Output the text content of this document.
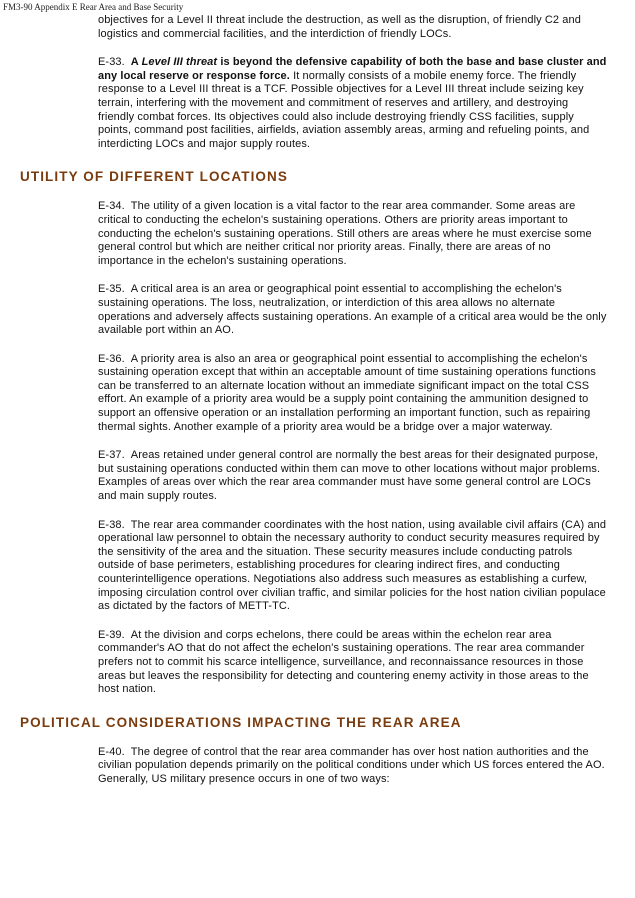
FM3-90 Appendix E Rear Area and Base Security

objectives for a Level II threat include the destruction, as well as the disruption, of friendly C2 and logistics and commercial facilities, and the interdiction of friendly LOCs.

E-33. A Level III threat is beyond the defensive capability of both the base and base cluster and any local reserve or response force. It normally consists of a mobile enemy force. The friendly response to a Level III threat is a TCF. Possible objectives for a Level III threat include seizing key terrain, interfering with the movement and commitment of reserves and artillery, and destroying friendly combat forces. Its objectives could also include destroying friendly CSS facilities, supply points, command post facilities, airfields, aviation assembly areas, arming and refueling points, and interdicting LOCs and major supply routes.

UTILITY OF DIFFERENT LOCATIONS

E-34. The utility of a given location is a vital factor to the rear area commander. Some areas are critical to conducting the echelon's sustaining operations. Others are priority areas important to conducting the echelon's sustaining operations. Still others are areas where he must exercise some general control but which are neither critical nor priority areas. Finally, there are areas of no importance in the echelon's sustaining operations.

E-35. A critical area is an area or geographical point essential to accomplishing the echelon's sustaining operations. The loss, neutralization, or interdiction of this area allows no alternate operations and adversely affects sustaining operations. An example of a critical area would be the only available port within an AO.

E-36. A priority area is also an area or geographical point essential to accomplishing the echelon's sustaining operation except that within an acceptable amount of time sustaining operations functions can be transferred to an alternate location without an immediate significant impact on the total CSS effort. An example of a priority area would be a supply point containing the ammunition designed to support an offensive operation or an installation performing an important function, such as repairing thermal sights. Another example of a priority area would be a bridge over a major waterway.

E-37. Areas retained under general control are normally the best areas for their designated purpose, but sustaining operations conducted within them can move to other locations without major problems. Examples of areas over which the rear area commander must have some general control are LOCs and main supply routes.

E-38. The rear area commander coordinates with the host nation, using available civil affairs (CA) and operational law personnel to obtain the necessary authority to conduct security measures required by the sensitivity of the area and the situation. These security measures include conducting patrols outside of base perimeters, establishing procedures for clearing indirect fires, and conducting counterintelligence operations. Negotiations also address such measures as establishing a curfew, imposing circulation control over civilian traffic, and similar policies for the host nation civilian populace as dictated by the factors of METT-TC.

E-39. At the division and corps echelons, there could be areas within the echelon rear area commander's AO that do not affect the echelon's sustaining operations. The rear area commander prefers not to commit his scarce intelligence, surveillance, and reconnaissance resources in those areas but leaves the responsibility for detecting and countering enemy activity in those areas to the host nation.

POLITICAL CONSIDERATIONS IMPACTING THE REAR AREA

E-40. The degree of control that the rear area commander has over host nation authorities and the civilian population depends primarily on the political conditions under which US forces entered the AO. Generally, US military presence occurs in one of two ways:
